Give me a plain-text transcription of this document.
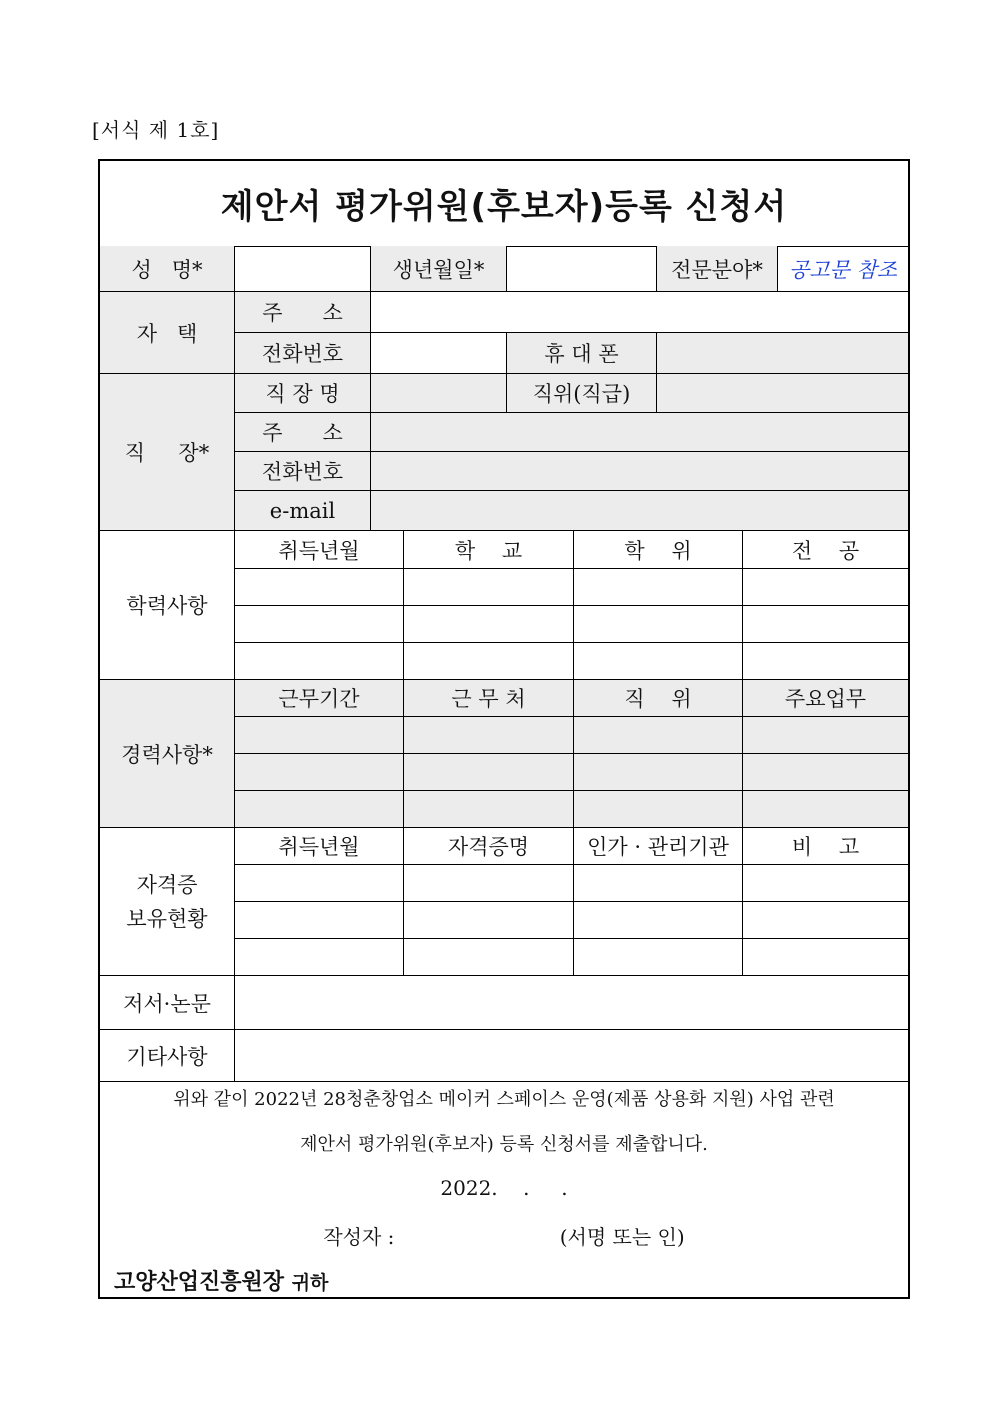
[서식 제 1호]
제안서 평가위원(후보자)등록 신청서
성   명*	생년월일*	전문분야*	공고문 참조
자   택
주      소
전화번호	휴 대 폰
직     장*
직 장 명	직위(직급)
주      소
전화번호
e-mail
학력사항
취득년월	학    교	학    위	전    공
경력사항*
근무기간	근 무 처	직    위	주요업무
자격증
보유현황
취득년월	자격증명	인가 · 관리기관	비    고
저서·논문
기타사항
위와 같이 2022년 28청춘창업소 메이커 스페이스 운영(제품 상용화 지원) 사업 관련
제안서 평가위원(후보자) 등록 신청서를 제출합니다.
2022.    .     .
작성자 :                          (서명 또는 인)
고양산업진흥원장 귀하
